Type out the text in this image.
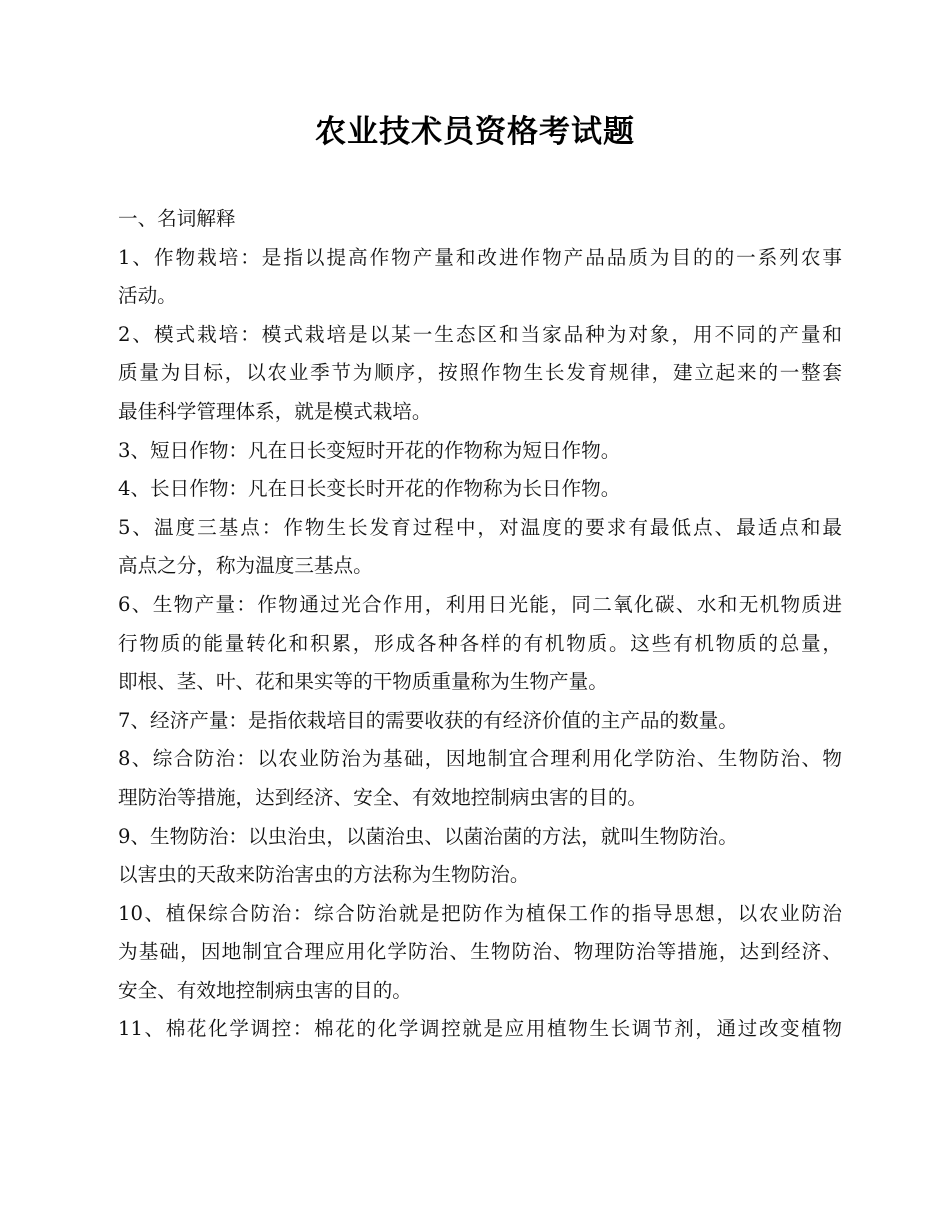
农业技术员资格考试题
一、名词解释
1、作物栽培：是指以提高作物产量和改进作物产品品质为目的的一系列农事
活动。
2、模式栽培：模式栽培是以某一生态区和当家品种为对象，用不同的产量和
质量为目标，以农业季节为顺序，按照作物生长发育规律，建立起来的一整套
最佳科学管理体系，就是模式栽培。
3、短日作物：凡在日长变短时开花的作物称为短日作物。
4、长日作物：凡在日长变长时开花的作物称为长日作物。
5、温度三基点：作物生长发育过程中，对温度的要求有最低点、最适点和最
高点之分，称为温度三基点。
6、生物产量：作物通过光合作用，利用日光能，同二氧化碳、水和无机物质进
行物质的能量转化和积累，形成各种各样的有机物质。这些有机物质的总量，
即根、茎、叶、花和果实等的干物质重量称为生物产量。
7、经济产量：是指依栽培目的需要收获的有经济价值的主产品的数量。
8、综合防治：以农业防治为基础，因地制宜合理利用化学防治、生物防治、物
理防治等措施，达到经济、安全、有效地控制病虫害的目的。
9、生物防治：以虫治虫，以菌治虫、以菌治菌的方法，就叫生物防治。
以害虫的天敌来防治害虫的方法称为生物防治。
10、植保综合防治：综合防治就是把防作为植保工作的指导思想，以农业防治
为基础，因地制宜合理应用化学防治、生物防治、物理防治等措施，达到经济、
安全、有效地控制病虫害的目的。
11、棉花化学调控：棉花的化学调控就是应用植物生长调节剂，通过改变植物
